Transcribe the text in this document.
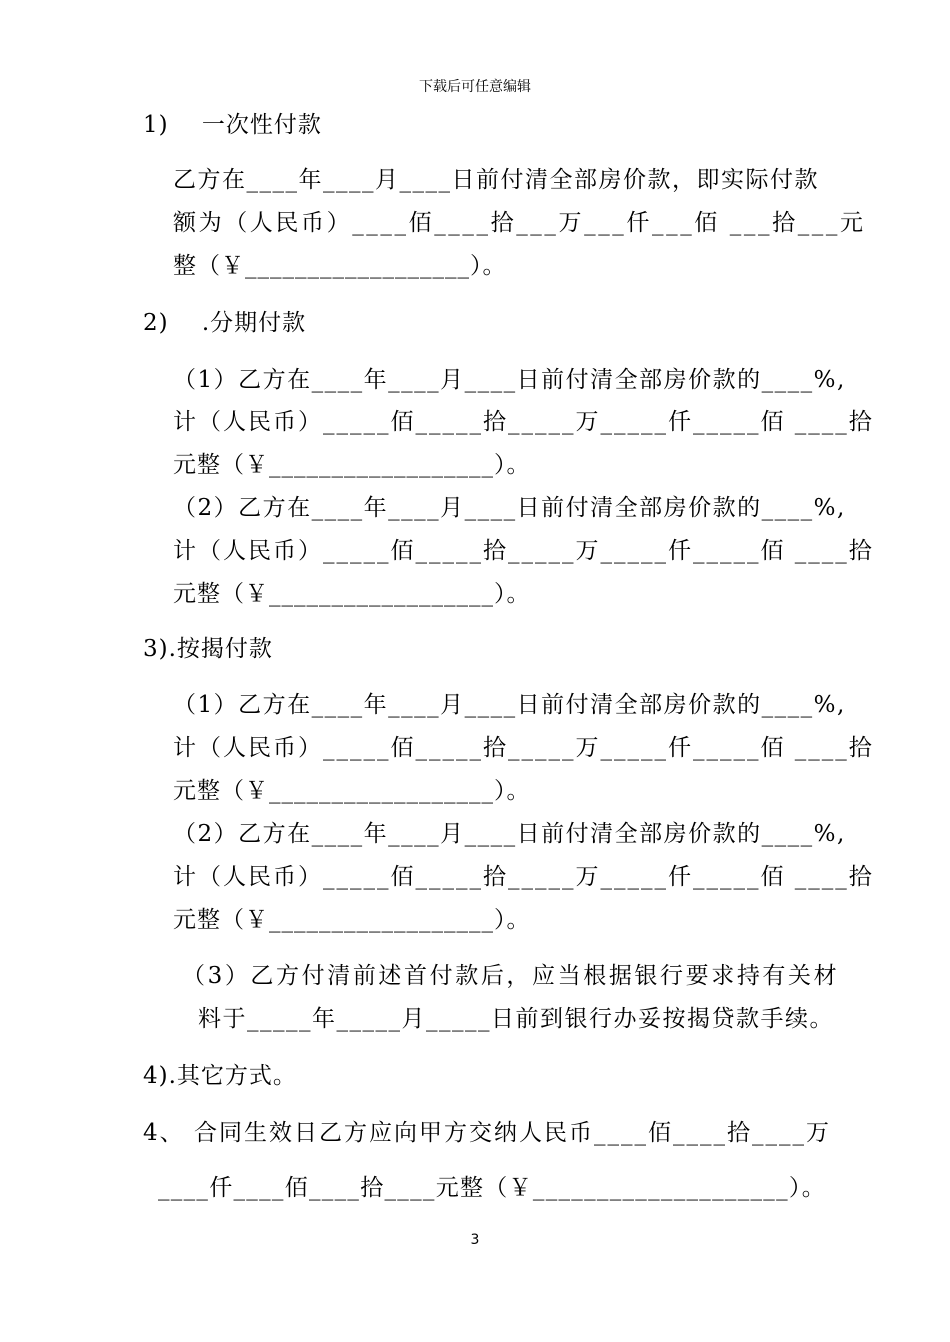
下载后可任意编辑
1)    一次性付款
乙方在____年____月____日前付清全部房价款，即实际付款
额为（人民币）____佰____拾___万___仟___佰 ___拾___元
整（￥__________________）。
2)    .分期付款
（1）乙方在____年____月____日前付清全部房价款的____%,
计（人民币）_____佰_____拾_____万_____仟_____佰 ____拾
元整（￥__________________）。
（2）乙方在____年____月____日前付清全部房价款的____%,
计（人民币）_____佰_____拾_____万_____仟_____佰 ____拾
元整（￥__________________）。
3).按揭付款
（1）乙方在____年____月____日前付清全部房价款的____%,
计（人民币）_____佰_____拾_____万_____仟_____佰 ____拾
元整（￥__________________）。
（2）乙方在____年____月____日前付清全部房价款的____%,
计（人民币）_____佰_____拾_____万_____仟_____佰 ____拾
元整（￥__________________）。
（3）乙方付清前述首付款后，应当根据银行要求持有关材
料于_____年_____月_____日前到银行办妥按揭贷款手续。
4).其它方式。
4、 合同生效日乙方应向甲方交纳人民币____佰____拾____万
____仟____佰____拾____元整（￥____________________）。
3
